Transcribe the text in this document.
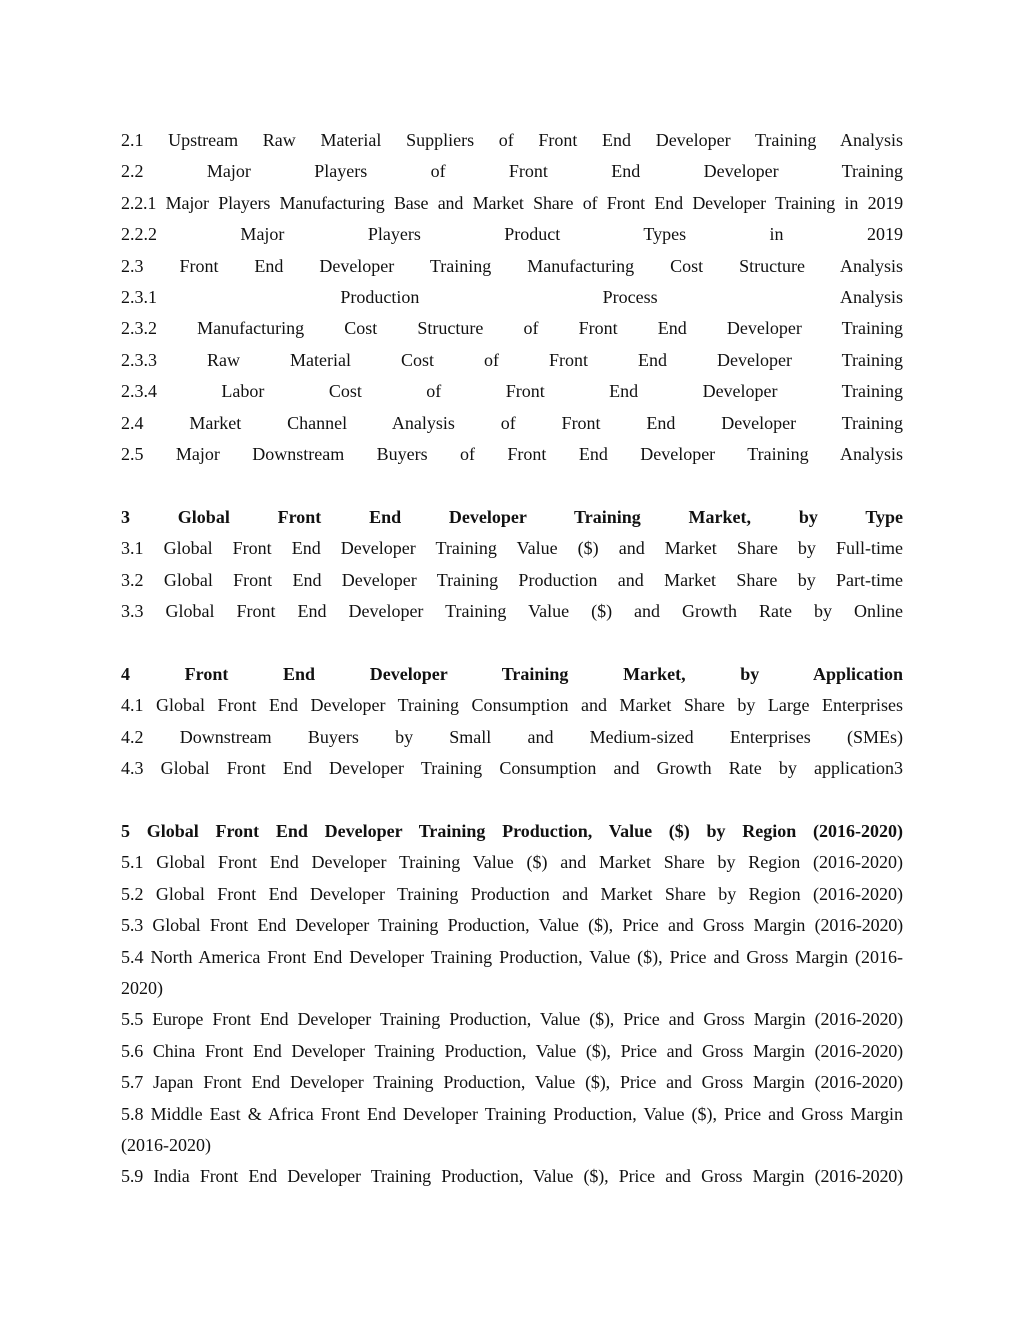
2.1 Upstream Raw Material Suppliers of Front End Developer Training Analysis
2.2 Major Players of Front End Developer Training
2.2.1 Major Players Manufacturing Base and Market Share of Front End Developer Training in 2019
2.2.2 Major Players Product Types in 2019
2.3 Front End Developer Training Manufacturing Cost Structure Analysis
2.3.1 Production Process Analysis
2.3.2 Manufacturing Cost Structure of Front End Developer Training
2.3.3 Raw Material Cost of Front End Developer Training
2.3.4 Labor Cost of Front End Developer Training
2.4 Market Channel Analysis of Front End Developer Training
2.5 Major Downstream Buyers of Front End Developer Training Analysis
3 Global Front End Developer Training Market, by Type
3.1 Global Front End Developer Training Value ($) and Market Share by Full-time
3.2 Global Front End Developer Training Production and Market Share by Part-time
3.3 Global Front End Developer Training Value ($) and Growth Rate by Online
4 Front End Developer Training Market, by Application
4.1 Global Front End Developer Training Consumption and Market Share by Large Enterprises
4.2 Downstream Buyers by Small and Medium-sized Enterprises (SMEs)
4.3 Global Front End Developer Training Consumption and Growth Rate by application3
5 Global Front End Developer Training Production, Value ($) by Region (2016-2020)
5.1 Global Front End Developer Training Value ($) and Market Share by Region (2016-2020)
5.2 Global Front End Developer Training Production and Market Share by Region (2016-2020)
5.3 Global Front End Developer Training Production, Value ($), Price and Gross Margin (2016-2020)
5.4 North America Front End Developer Training Production, Value ($), Price and Gross Margin (2016-2020)
5.5 Europe Front End Developer Training Production, Value ($), Price and Gross Margin (2016-2020)
5.6 China Front End Developer Training Production, Value ($), Price and Gross Margin (2016-2020)
5.7 Japan Front End Developer Training Production, Value ($), Price and Gross Margin (2016-2020)
5.8 Middle East & Africa Front End Developer Training Production, Value ($), Price and Gross Margin (2016-2020)
5.9 India Front End Developer Training Production, Value ($), Price and Gross Margin (2016-2020)
